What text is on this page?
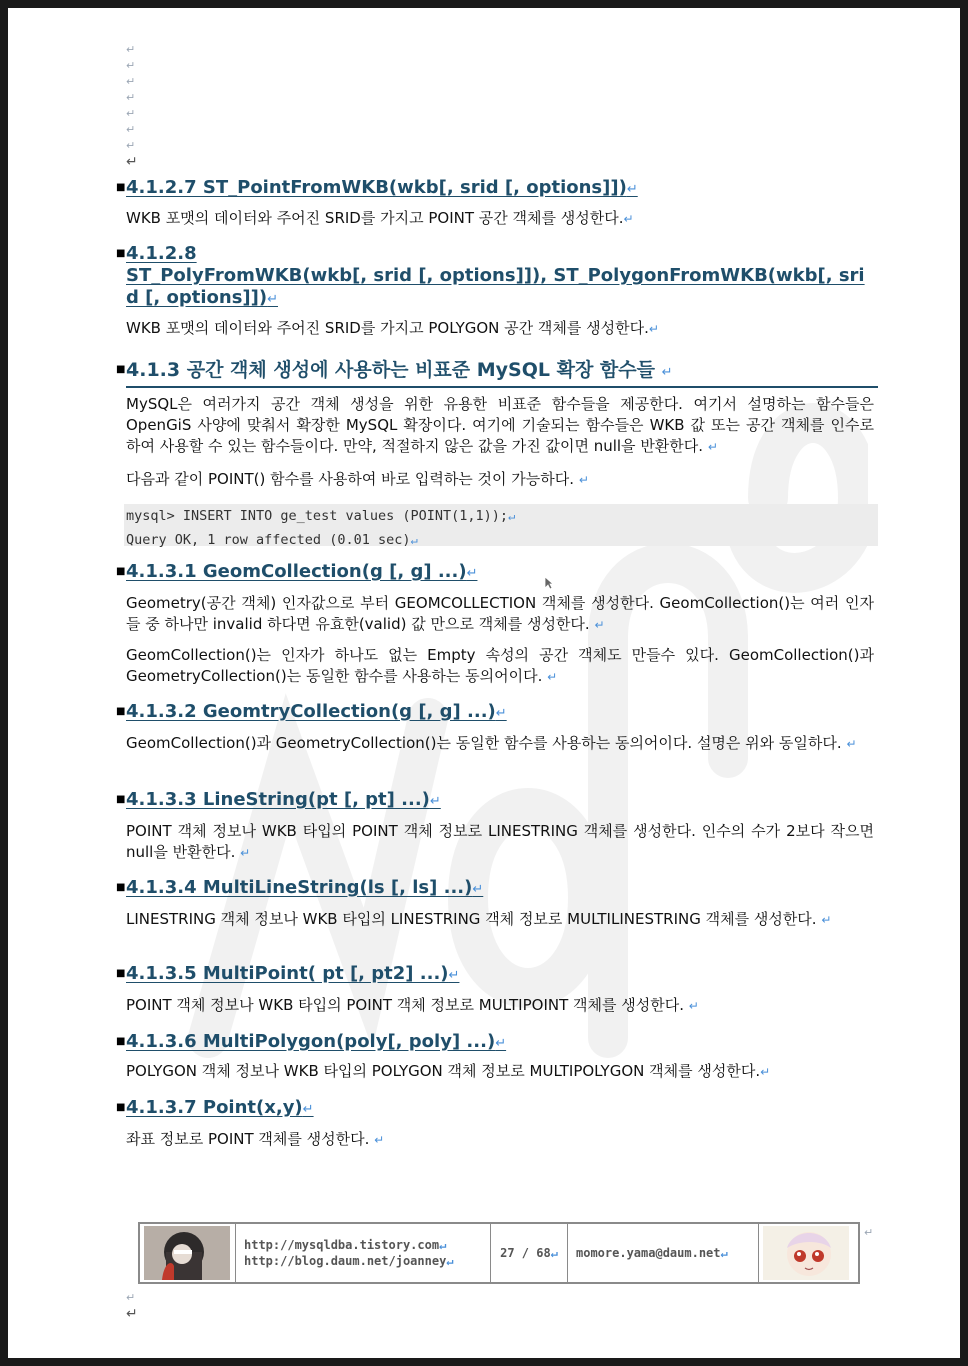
↵
↵
↵
↵
↵
↵
↵
↵
■ 4.1.2.7 ST_PointFromWKB(wkb[, srid [, options]])↵
WKB 포맷의 데이터와 주어진 SRID를 가지고 POINT 공간 객체를 생성한다.↵
■ 4.1.2.8
ST_PolyFromWKB(wkb[, srid [, options]]), ST_PolygonFromWKB(wkb[, sri
d [, options]])↵
WKB 포맷의 데이터와 주어진 SRID를 가지고 POLYGON 공간 객체를 생성한다.↵
■ 4.1.3 공간 객체 생성에 사용하는 비표준 MySQL 확장 함수들 ↵
MySQL은 여러가지 공간 객체 생성을 위한 유용한 비표준 함수들을 제공한다. 여기서 설명하는 함수들은 OpenGiS 사양에 맞춰서 확장한 MySQL 확장이다. 여기에 기술되는 함수들은 WKB 값 또는 공간 객체를 인수로 하여 사용할 수 있는 함수들이다. 만약, 적절하지 않은 값을 가진 값이면 null을 반환한다. ↵
다음과 같이 POINT() 함수를 사용하여 바로 입력하는 것이 가능하다. ↵
mysql> INSERT INTO ge_test values (POINT(1,1));↵
Query OK, 1 row affected (0.01 sec)↵
■ 4.1.3.1 GeomCollection(g [, g] ...)↵
Geometry(공간 객체) 인자값으로 부터 GEOMCOLLECTION 객체를 생성한다. GeomCollection()는 여러 인자들 중 하나만 invalid 하다면 유효한(valid) 값 만으로 객체를 생성한다. ↵
GeomCollection()는 인자가 하나도 없는 Empty 속성의 공간 객체도 만들수 있다. GeomCollection()과 GeometryCollection()는 동일한 함수를 사용하는 동의어이다. ↵
■ 4.1.3.2 GeomtryCollection(g [, g] ...)↵
GeomCollection()과 GeometryCollection()는 동일한 함수를 사용하는 동의어이다. 설명은 위와 동일하다. ↵
■ 4.1.3.3 LineString(pt [, pt] ...)↵
POINT 객체 정보나 WKB 타입의 POINT 객체 정보로 LINESTRING 객체를 생성한다. 인수의 수가 2보다 작으면 null을 반환한다. ↵
■ 4.1.3.4 MultiLineString(ls [, ls] ...)↵
LINESTRING 객체 정보나 WKB 타입의 LINESTRING 객체 정보로 MULTILINESTRING 객체를 생성한다. ↵
■ 4.1.3.5 MultiPoint( pt [, pt2] ...)↵
POINT 객체 정보나 WKB 타입의 POINT 객체 정보로 MULTIPOINT 객체를 생성한다. ↵
■ 4.1.3.6 MultiPolygon(poly[, poly] ...)↵
POLYGON 객체 정보나 WKB 타입의 POLYGON 객체 정보로 MULTIPOLYGON 객체를 생성한다.↵
■ 4.1.3.7 Point(x,y)↵
좌표 정보로 POINT 객체를 생성한다. ↵
http://mysqldba.tistory.com↵
http://blog.daum.net/joanney↵
27 / 68 ↵ momore.yama@daum.net ↵
↵
↵
↵
